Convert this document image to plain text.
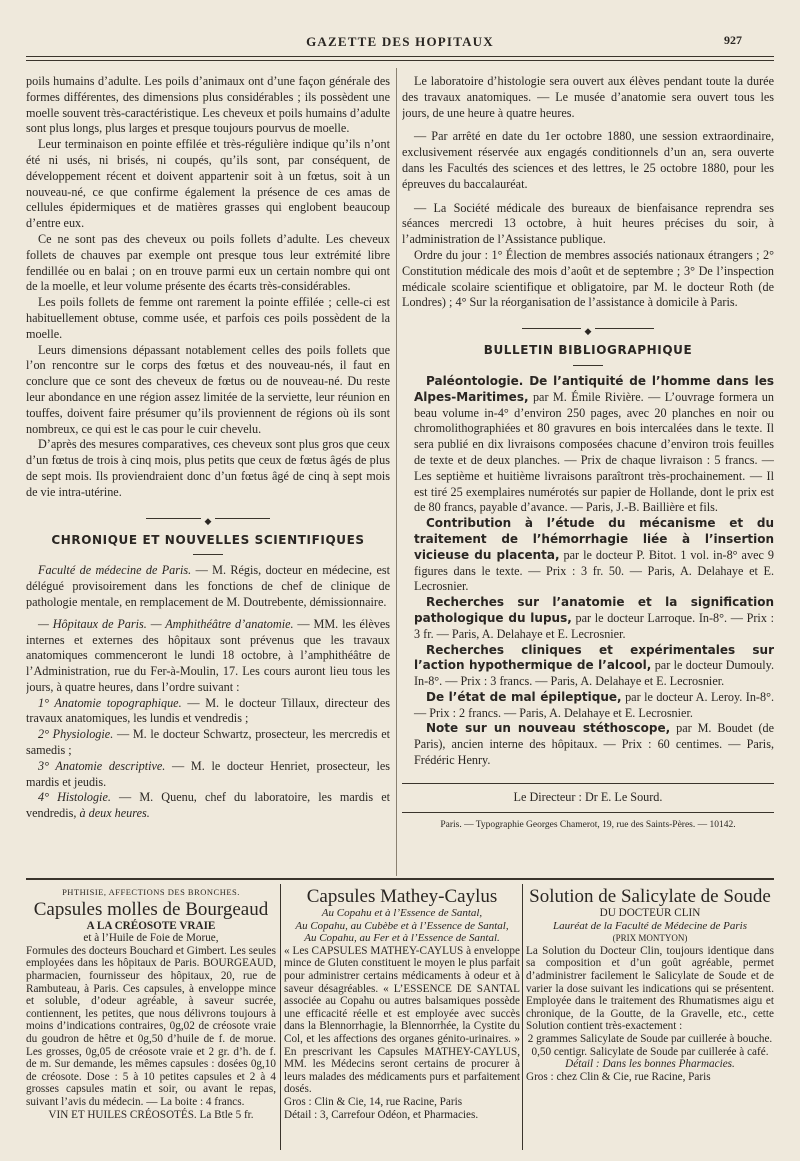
GAZETTE DES HOPITAUX	927

poils humains d’adulte. Les poils d’animaux ont d’une façon générale des formes différentes, des dimensions plus considérables ; ils possèdent une moelle souvent très-caractéristique. Les cheveux et poils humains d’adulte sont plus longs, plus larges et presque toujours pourvus de moelle.

Leur terminaison en pointe effilée et très-régulière indique qu’ils n’ont été ni usés, ni brisés, ni coupés, qu’ils sont, par conséquent, de développement récent et doivent appartenir soit à un fœtus, soit à un nouveau-né, ce que confirme également la présence de ces amas de cellules épidermiques et de matières grasses qui englobent beaucoup d’entre eux.

Ce ne sont pas des cheveux ou poils follets d’adulte. Les cheveux follets de chauves par exemple ont presque tous leur extrémité libre fendillée ou en balai ; on en trouve parmi eux un certain nombre qui ont de la moelle, et leur volume présente des écarts très-considérables.

Les poils follets de femme ont rarement la pointe effilée ; celle-ci est habituellement obtuse, comme usée, et parfois ces poils possèdent de la moelle.

Leurs dimensions dépassant notablement celles des poils follets que l’on rencontre sur le corps des fœtus et des nouveau-nés, il faut en conclure que ce sont des cheveux de fœtus ou de nouveau-né. Du reste leur abondance en une région assez limitée de la serviette, leur réunion en touffes, doivent faire présumer qu’ils proviennent de régions où ils sont nombreux, ce qui est le cas pour le cuir chevelu.

D’après des mesures comparatives, ces cheveux sont plus gros que ceux d’un fœtus de trois à cinq mois, plus petits que ceux de fœtus âgés de plus de sept mois. Ils proviendraient donc d’un fœtus âgé de cinq à sept mois de vie intra-utérine.

◆
CHRONIQUE ET NOUVELLES SCIENTIFIQUES

Faculté de médecine de Paris. — M. Régis, docteur en médecine, est délégué provisoirement dans les fonctions de chef de clinique de pathologie mentale, en remplacement de M. Doutrebente, démissionnaire.

— Hôpitaux de Paris. — Amphithéâtre d’anatomie. — MM. les élèves internes et externes des hôpitaux sont prévenus que les travaux anatomiques commenceront le lundi 18 octobre, à l’amphithéâtre de l’Administration, rue du Fer-à-Moulin, 17. Les cours auront lieu tous les jours, à quatre heures, dans l’ordre suivant :

1° Anatomie topographique. — M. le docteur Tillaux, directeur des travaux anatomiques, les lundis et vendredis ;

2° Physiologie. — M. le docteur Schwartz, prosecteur, les mercredis et samedis ;

3° Anatomie descriptive. — M. le docteur Henriet, prosecteur, les mardis et jeudis.

4° Histologie. — M. Quenu, chef du laboratoire, les mardis et vendredis, à deux heures.

Le laboratoire d’histologie sera ouvert aux élèves pendant toute la durée des travaux anatomiques. — Le musée d’anatomie sera ouvert tous les jours, de une heure à quatre heures.

— Par arrêté en date du 1er octobre 1880, une session extraordinaire, exclusivement réservée aux engagés conditionnels d’un an, sera ouverte dans les Facultés des sciences et des lettres, le 25 octobre 1880, pour les épreuves du baccalauréat.

— La Société médicale des bureaux de bienfaisance reprendra ses séances mercredi 13 octobre, à huit heures précises du soir, à l’administration de l’Assistance publique.

Ordre du jour : 1° Élection de membres associés nationaux étrangers ; 2° Constitution médicale des mois d’août et de septembre ; 3° De l’inspection médicale scolaire scientifique et obligatoire, par M. le docteur Roth (de Londres) ; 4° Sur la réorganisation de l’assistance à domicile à Paris.

◆
BULLETIN BIBLIOGRAPHIQUE

Paléontologie. De l’antiquité de l’homme dans les Alpes-Maritimes, par M. Émile Rivière. — L’ouvrage formera un beau volume in-4° d’environ 250 pages, avec 20 planches en noir ou chromolithographiées et 80 gravures en bois intercalées dans le texte. Il sera publié en dix livraisons composées chacune d’environ trois feuilles de texte et de deux planches. — Prix de chaque livraison : 5 francs. — Les septième et huitième livraisons paraîtront très-prochainement. — Il est tiré 25 exemplaires numérotés sur papier de Hollande, dont le prix est de 80 francs, payable d’avance. — Paris, J.-B. Baillière et fils.

Contribution à l’étude du mécanisme et du traitement de l’hémorrhagie liée à l’insertion vicieuse du placenta, par le docteur P. Bitot. 1 vol. in-8° avec 9 figures dans le texte. — Prix : 3 fr. 50. — Paris, A. Delahaye et E. Lecrosnier.

Recherches sur l’anatomie et la signification pathologique du lupus, par le docteur Larroque. In-8°. — Prix : 3 fr. — Paris, A. Delahaye et E. Lecrosnier.

Recherches cliniques et expérimentales sur l’action hypothermique de l’alcool, par le docteur Dumouly. In-8°. — Prix : 3 francs. — Paris, A. Delahaye et E. Lecrosnier.

De l’état de mal épileptique, par le docteur A. Leroy. In-8°. — Prix : 2 francs. — Paris, A. Delahaye et E. Lecrosnier.

Note sur un nouveau stéthoscope, par M. Boudet (de Paris), ancien interne des hôpitaux. — Prix : 60 centimes. — Paris, Frédéric Henry.

Le Directeur : Dr E. Le Sourd.
Paris. — Typographie Georges Chamerot, 19, rue des Saints-Pères. — 10142.
PHTHISIE, AFFECTIONS DES BRONCHES.
Capsules molles de Bourgeaud
A LA CRÉOSOTE VRAIE
et à l’Huile de Foie de Morue,

Formules des docteurs Bouchard et Gimbert. Les seules employées dans les hôpitaux de Paris. BOURGEAUD, pharmacien, fournisseur des hôpitaux, 20, rue de Rambuteau, à Paris. Ces capsules, à enveloppe mince et soluble, d’odeur agréable, à saveur sucrée, contiennent, les petites, que nous délivrons toujours à moins d’indications contraires, 0g,02 de créosote vraie du goudron de hêtre et 0g,50 d’huile de f. de morue. Les grosses, 0g,05 de créosote vraie et 2 gr. d’h. de f. de m. Sur demande, les mêmes capsules : dosées 0g,10 de créosote. Dose : 5 à 10 petites capsules et 2 à 4 grosses capsules matin et soir, ou avant le repas, suivant l’avis du médecin. — La boite : 4 francs.

VIN ET HUILES CRÉOSOTÉS. La Btle 5 fr.
Capsules Mathey-Caylus
Au Copahu et à l’Essence de Santal,
Au Copahu, au Cubèbe et à l’Essence de Santal,
Au Copahu, au Fer et à l’Essence de Santal.

« Les CAPSULES MATHEY-CAYLUS à enveloppe mince de Gluten constituent le moyen le plus parfait pour administrer certains médicaments à odeur et à saveur désagréables. « L’ESSENCE DE SANTAL associée au Copahu ou autres balsamiques possède une efficacité réelle et est employée avec succès dans la Blennorrhagie, la Blennorrhée, la Cystite du Col, et les affections des organes génito-urinaires. » En prescrivant les Capsules MATHEY-CAYLUS, MM. les Médecins seront certains de procurer à leurs malades des médicaments purs et parfaitement dosés.

Gros : Clin & Cie, 14, rue Racine, Paris
Détail : 3, Carrefour Odéon, et Pharmacies.
Solution de Salicylate de Soude
DU DOCTEUR CLIN
Lauréat de la Faculté de Médecine de Paris
(PRIX MONTYON)

La Solution du Docteur Clin, toujours identique dans sa composition et d’un goût agréable, permet d’administrer facilement le Salicylate de Soude et de varier la dose suivant les indications qui se présentent. Employée dans le traitement des Rhumatismes aigu et chronique, de la Goutte, de la Gravelle, etc., cette Solution contient très-exactement :

2 grammes Salicylate de Soude par cuillerée à bouche.
0,50 centigr. Salicylate de Soude par cuillerée à café.
Détail : Dans les bonnes Pharmacies.
Gros : chez Clin & Cie, rue Racine, Paris
